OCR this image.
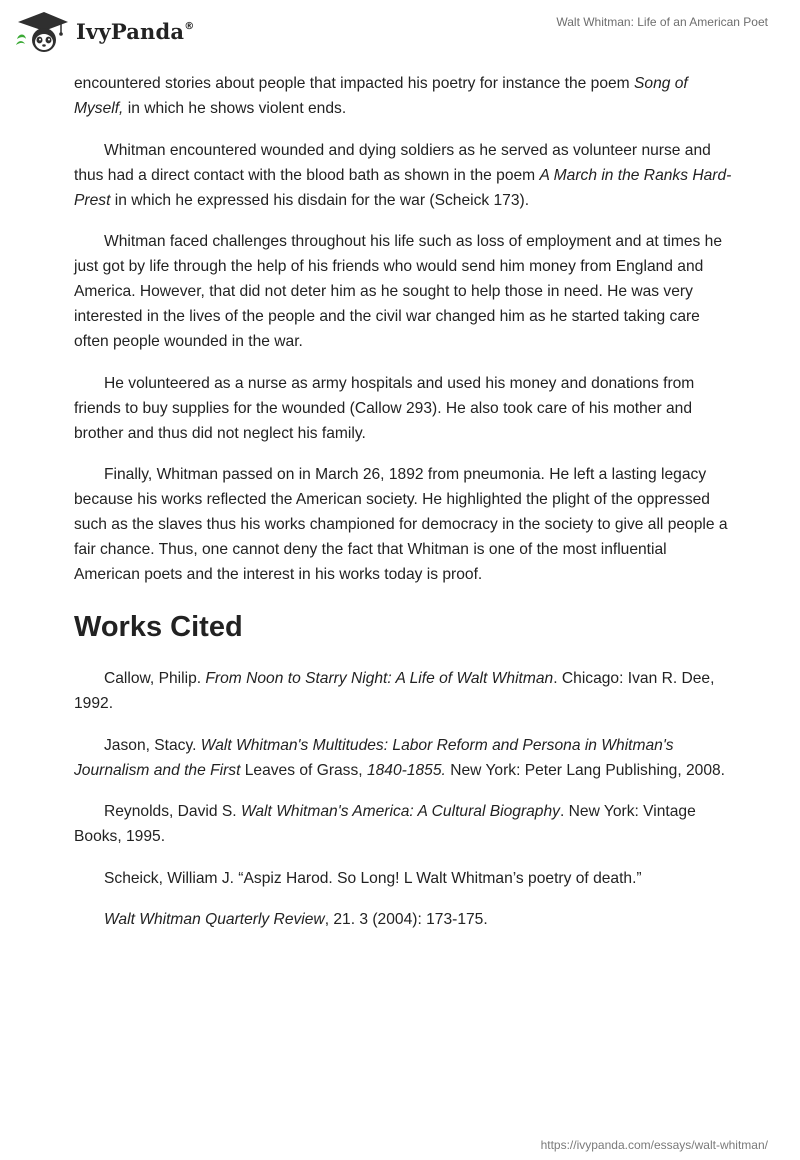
IvyPanda®	Walt Whitman: Life of an American Poet

encountered stories about people that impacted his poetry for instance the poem Song of Myself, in which he shows violent ends.

Whitman encountered wounded and dying soldiers as he served as volunteer nurse and thus had a direct contact with the blood bath as shown in the poem A March in the Ranks Hard-Prest in which he expressed his disdain for the war (Scheick 173).

Whitman faced challenges throughout his life such as loss of employment and at times he just got by life through the help of his friends who would send him money from England and America. However, that did not deter him as he sought to help those in need. He was very interested in the lives of the people and the civil war changed him as he started taking care often people wounded in the war.

He volunteered as a nurse as army hospitals and used his money and donations from friends to buy supplies for the wounded (Callow 293). He also took care of his mother and brother and thus did not neglect his family.

Finally, Whitman passed on in March 26, 1892 from pneumonia. He left a lasting legacy because his works reflected the American society. He highlighted the plight of the oppressed such as the slaves thus his works championed for democracy in the society to give all people a fair chance. Thus, one cannot deny the fact that Whitman is one of the most influential American poets and the interest in his works today is proof.

Works Cited

Callow, Philip. From Noon to Starry Night: A Life of Walt Whitman. Chicago: Ivan R. Dee, 1992.

Jason, Stacy. Walt Whitman's Multitudes: Labor Reform and Persona in Whitman's Journalism and the First Leaves of Grass, 1840-1855. New York: Peter Lang Publishing, 2008.

Reynolds, David S. Walt Whitman's America: A Cultural Biography. New York: Vintage Books, 1995.

Scheick, William J. “Aspiz Harod. So Long! L Walt Whitman’s poetry of death.”

Walt Whitman Quarterly Review, 21. 3 (2004): 173-175.

https://ivypanda.com/essays/walt-whitman/
